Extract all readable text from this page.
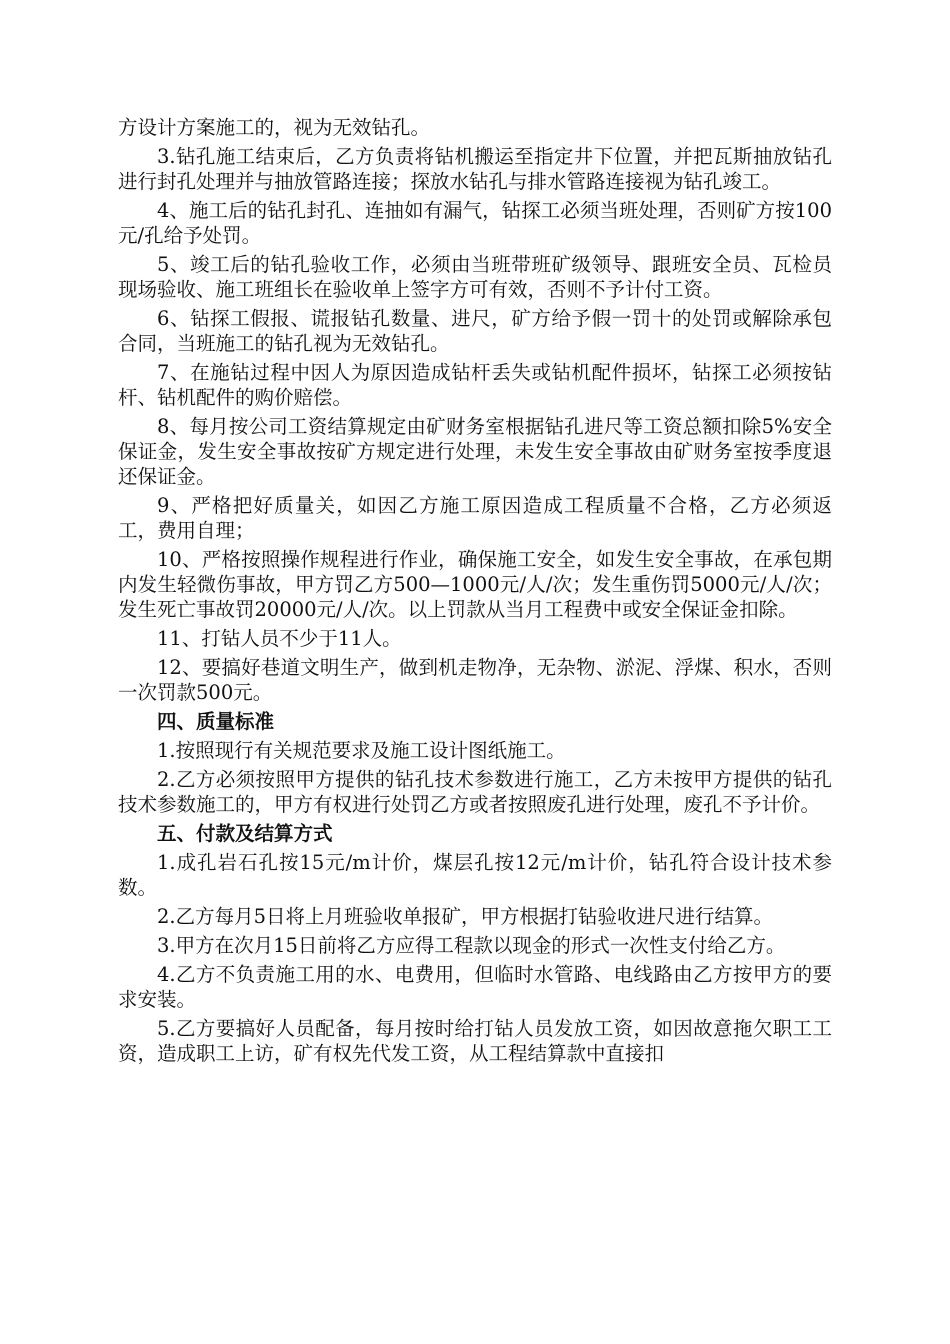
方设计方案施工的，视为无效钻孔。

3.钻孔施工结束后，乙方负责将钻机搬运至指定井下位置，并把瓦斯抽放钻孔进行封孔处理并与抽放管路连接；探放水钻孔与排水管路连接视为钻孔竣工。

4、施工后的钻孔封孔、连抽如有漏气，钻探工必须当班处理，否则矿方按100元/孔给予处罚。

5、竣工后的钻孔验收工作，必须由当班带班矿级领导、跟班安全员、瓦检员现场验收、施工班组长在验收单上签字方可有效，否则不予计付工资。

6、钻探工假报、谎报钻孔数量、进尺，矿方给予假一罚十的处罚或解除承包合同，当班施工的钻孔视为无效钻孔。

7、在施钻过程中因人为原因造成钻杆丢失或钻机配件损坏，钻探工必须按钻杆、钻机配件的购价赔偿。

8、每月按公司工资结算规定由矿财务室根据钻孔进尺等工资总额扣除5%安全保证金，发生安全事故按矿方规定进行处理，未发生安全事故由矿财务室按季度退还保证金。

9、严格把好质量关，如因乙方施工原因造成工程质量不合格，乙方必须返工，费用自理；

10、严格按照操作规程进行作业，确保施工安全，如发生安全事故，在承包期内发生轻微伤事故，甲方罚乙方500—1000元/人/次；发生重伤罚5000元/人/次；发生死亡事故罚20000元/人/次。以上罚款从当月工程费中或安全保证金扣除。

11、打钻人员不少于11人。

12、要搞好巷道文明生产，做到机走物净，无杂物、淤泥、浮煤、积水，否则一次罚款500元。

四、质量标准

1.按照现行有关规范要求及施工设计图纸施工。

2.乙方必须按照甲方提供的钻孔技术参数进行施工，乙方未按甲方提供的钻孔技术参数施工的，甲方有权进行处罚乙方或者按照废孔进行处理，废孔不予计价。

五、付款及结算方式

1.成孔岩石孔按15元/m计价，煤层孔按12元/m计价，钻孔符合设计技术参数。

2.乙方每月5日将上月班验收单报矿，甲方根据打钻验收进尺进行结算。

3.甲方在次月15日前将乙方应得工程款以现金的形式一次性支付给乙方。

4.乙方不负责施工用的水、电费用，但临时水管路、电线路由乙方按甲方的要求安装。

5.乙方要搞好人员配备，每月按时给打钻人员发放工资，如因故意拖欠职工工资，造成职工上访，矿有权先代发工资，从工程结算款中直接扣
